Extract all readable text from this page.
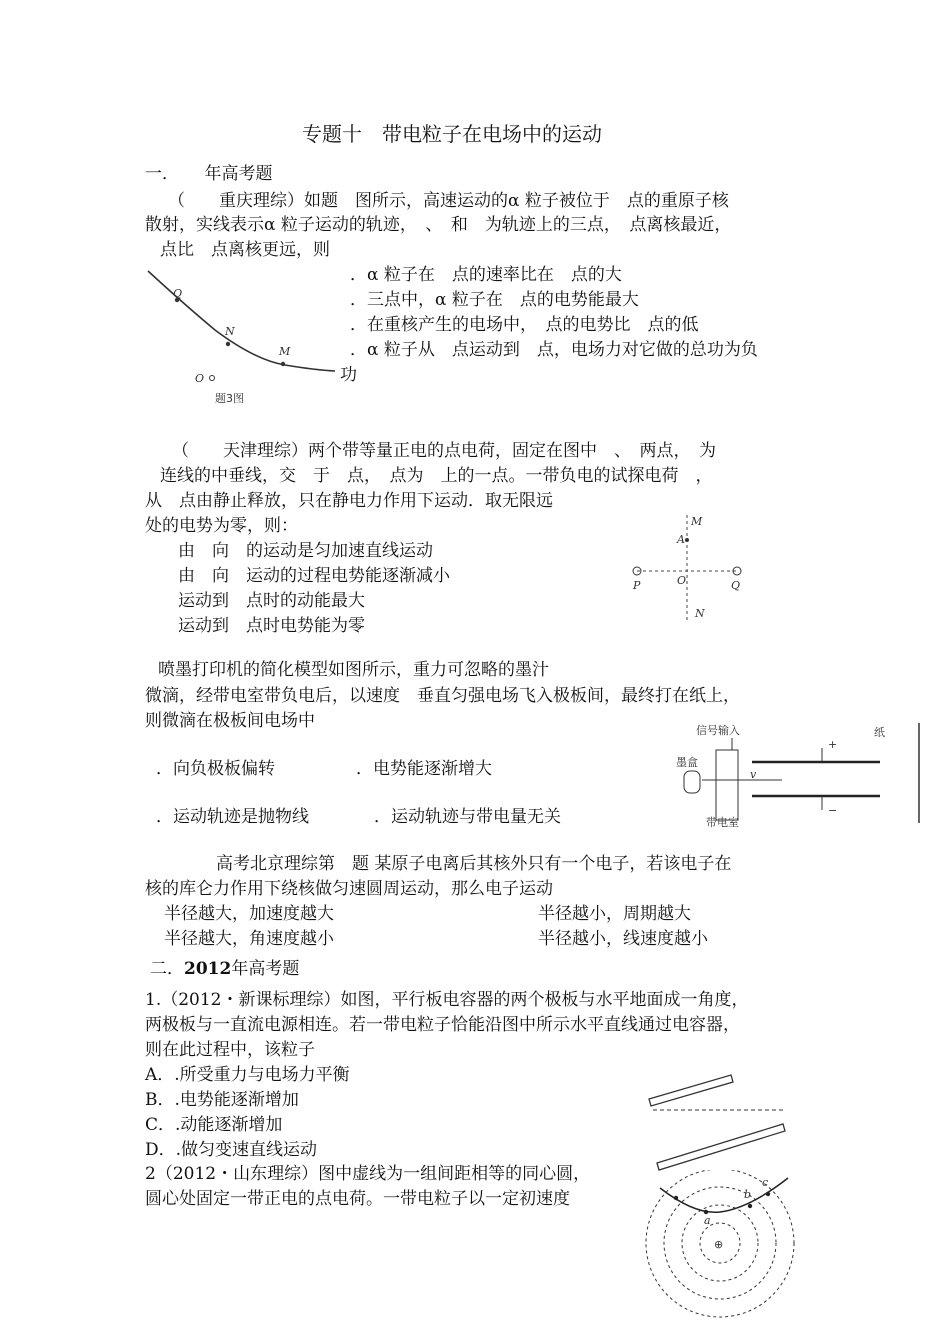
专题十　带电粒子在电场中的运动
一．　　年高考题
（　　重庆理综）如题　图所示，高速运动的α 粒子被位于　点的重原子核
散射，实线表示α 粒子运动的轨迹，　、　和　为轨迹上的三点，　点离核最近，
点比　点离核更远，则
．α 粒子在　点的速率比在　点的大
．三点中，α 粒子在　点的电势能最大
．在重核产生的电场中，　点的电势比　点的低
．α 粒子从　点运动到　点，电场力对它做的总功为负
功
Q
N
M
O
题3图
（　　天津理综）两个带等量正电的点电荷，固定在图中　、　两点，　为
连线的中垂线，交　于　点，　点为　上的一点。一带负电的试探电荷　，
从　点由静止释放，只在静电力作用下运动．取无限远
处的电势为零，则：
由　向　的运动是匀加速直线运动
由　向　运动的过程电势能逐渐减小
运动到　点时的动能最大
运动到　点时电势能为零
M
A
P	O	Q
N
喷墨打印机的简化模型如图所示，重力可忽略的墨汁
微滴，经带电室带负电后，以速度　垂直匀强电场飞入极板间，最终打在纸上，
则微滴在极板间电场中
．向负极板偏转	．电势能逐渐增大
．运动轨迹是抛物线	．运动轨迹与带电量无关
信号输入
墨盒
v
+
−
带电室
纸
高考北京理综第　题 某原子电离后其核外只有一个电子，若该电子在
核的库仑力作用下绕核做匀速圆周运动，那么电子运动
半径越大，加速度越大	半径越小，周期越大
半径越大，角速度越小	半径越小，线速度越小
二．2012年高考题
1.（2012・新课标理综）如图，平行板电容器的两个极板与水平地面成一角度，
两极板与一直流电源相连。若一带电粒子恰能沿图中所示水平直线通过电容器，
则在此过程中，该粒子
A．.所受重力与电场力平衡
B．.电势能逐渐增加
C．.动能逐渐增加
D．.做匀变速直线运动
2（2012・山东理综）图中虚线为一组间距相等的同心圆，
圆心处固定一带正电的点电荷。一带电粒子以一定初速度
a
b
c
⊕
